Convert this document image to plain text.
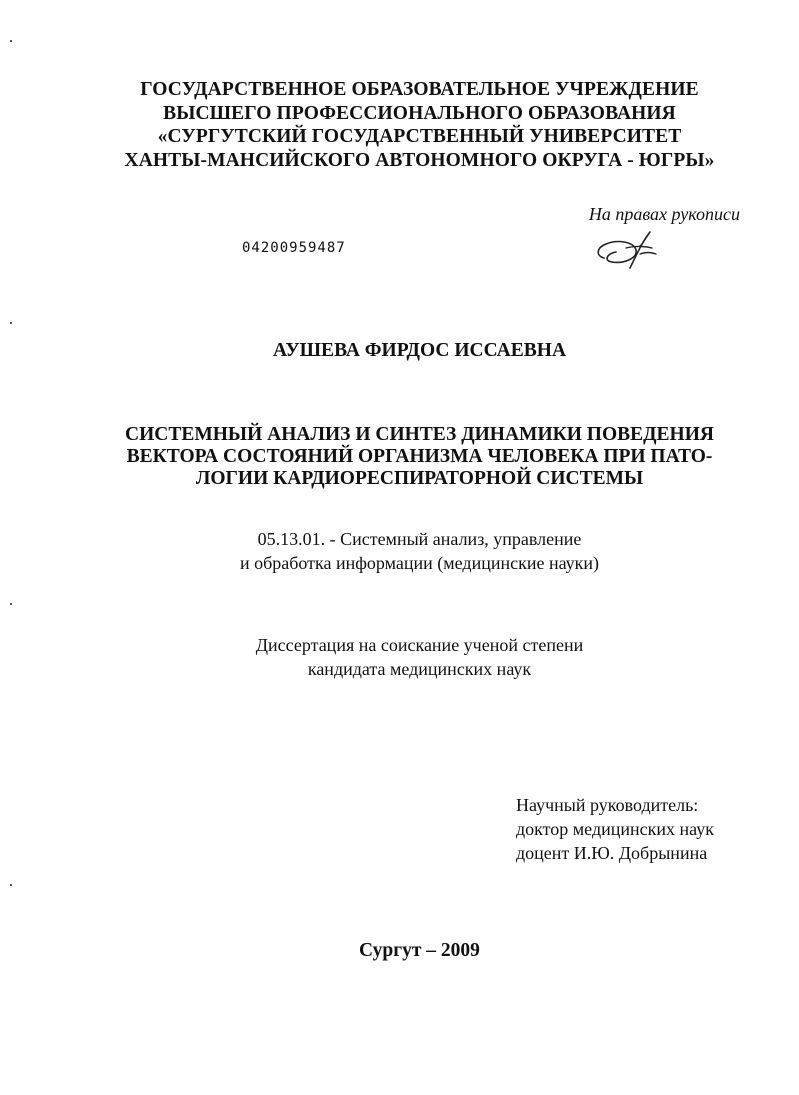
ГОСУДАРСТВЕННОЕ ОБРАЗОВАТЕЛЬНОЕ УЧРЕЖДЕНИЕ
ВЫСШЕГО ПРОФЕССИОНАЛЬНОГО ОБРАЗОВАНИЯ
«СУРГУТСКИЙ ГОСУДАРСТВЕННЫЙ УНИВЕРСИТЕТ
ХАНТЫ-МАНСИЙСКОГО АВТОНОМНОГО ОКРУГА - ЮГРЫ»
На правах рукописи
04200959487
АУШЕВА ФИРДОС ИССАЕВНА
СИСТЕМНЫЙ АНАЛИЗ И СИНТЕЗ ДИНАМИКИ ПОВЕДЕНИЯ
ВЕКТОРА СОСТОЯНИЙ ОРГАНИЗМА ЧЕЛОВЕКА ПРИ ПАТО-
ЛОГИИ КАРДИОРЕСПИРАТОРНОЙ СИСТЕМЫ
05.13.01. - Системный анализ, управление
и обработка информации (медицинские науки)
Диссертация на соискание ученой степени
кандидата медицинских наук
Научный руководитель:
доктор медицинских наук
доцент И.Ю. Добрынина
Сургут – 2009
